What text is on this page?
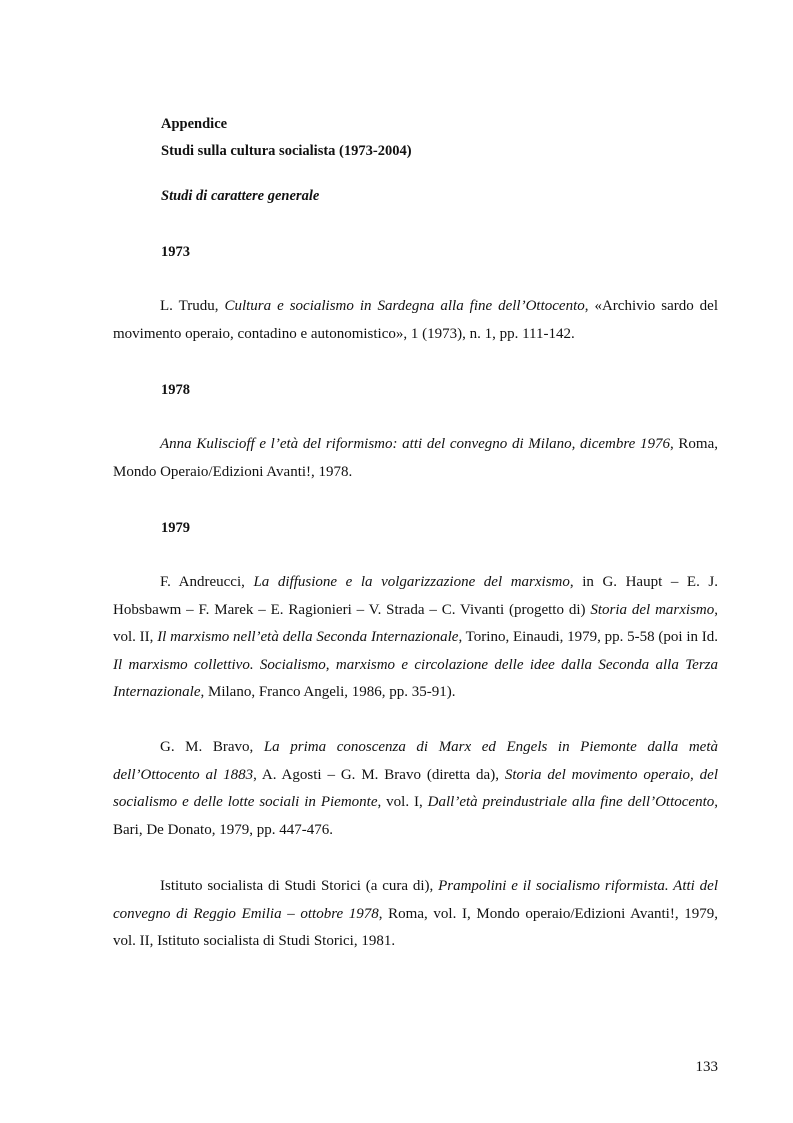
Appendice
Studi sulla cultura socialista (1973-2004)
Studi di carattere generale
1973
L. Trudu, Cultura e socialismo in Sardegna alla fine dell’Ottocento, «Archivio sardo del movimento operaio, contadino e autonomistico», 1 (1973), n. 1, pp. 111-142.
1978
Anna Kuliscioff e l’età del riformismo: atti del convegno di Milano, dicembre 1976, Roma, Mondo Operaio/Edizioni Avanti!, 1978.
1979
F. Andreucci, La diffusione e la volgarizzazione del marxismo, in G. Haupt – E. J. Hobsbawm – F. Marek – E. Ragionieri – V. Strada – C. Vivanti (progetto di) Storia del marxismo, vol. II, Il marxismo nell’età della Seconda Internazionale, Torino, Einaudi, 1979, pp. 5-58 (poi in Id. Il marxismo collettivo. Socialismo, marxismo e circolazione delle idee dalla Seconda alla Terza Internazionale, Milano, Franco Angeli, 1986, pp. 35-91).
G. M. Bravo, La prima conoscenza di Marx ed Engels in Piemonte dalla metà dell’Ottocento al 1883, A. Agosti – G. M. Bravo (diretta da), Storia del movimento operaio, del socialismo e delle lotte sociali in Piemonte, vol. I, Dall’età preindustriale alla fine dell’Ottocento, Bari, De Donato, 1979, pp. 447-476.
Istituto socialista di Studi Storici (a cura di), Prampolini e il socialismo riformista. Atti del convegno di Reggio Emilia – ottobre 1978, Roma, vol. I, Mondo operaio/Edizioni Avanti!, 1979, vol. II, Istituto socialista di Studi Storici, 1981.
133
